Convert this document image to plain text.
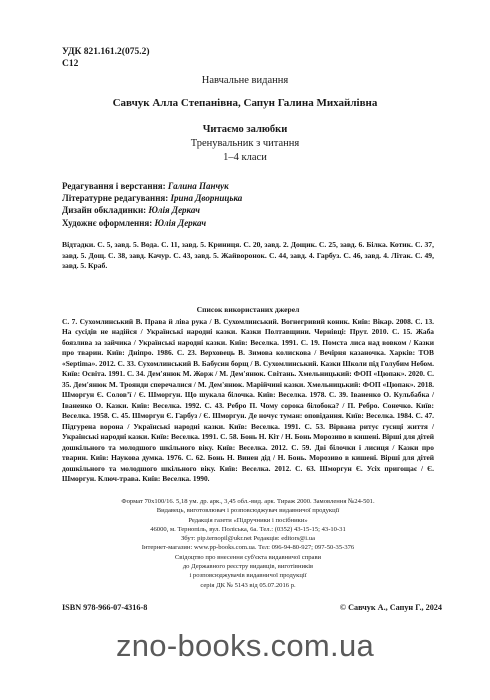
УДК 821.161.2(075.2)
С12
Навчальне видання
Савчук Алла Степанівна, Сапун Галина Михайлівна
Читаємо залюбки
Тренувальник з читання
1–4 класи
Редагування і верстання: Галина Панчук
Літературне редагування: Ірина Дворницька
Дизайн обкладинки: Юлія Деркач
Художнє оформлення: Юлія Деркач
Відтадки. С. 5, завд. 5. Вода. С. 11, завд. 5. Криниця. С. 20, завд. 2. Дощик. С. 25, завд. 6. Білка. Котик. С. 37, завд. 5. Дощ. С. 38, завд. Качур. С. 43, завд. 5. Жайворонок. С. 44, завд. 4. Гарбуз. С. 46, завд. 4. Літак. С. 49, завд. 5. Краб.
Список використаних джерел
С. 7. Сухомлинський В. Права й ліва рука / В. Сухомлинський. Вогнегривий коник. Київ: Вікар. 2008. С. 13. На сусідів не надійся / Українські народні казки. Казки Полтавщини. Чернівці: Прут. 2010. С. 15. Жаба боязлива за зайчика / Українські народні казки. Київ: Веселка. 1991. С. 19. Помста лиса над вовком / Казки про тварин. Київ: Дніпро. 1986. С. 23. Верховець В. Зимова колискова / Вечірня казаночка. Харків: ТОВ «Septima». 2012. С. 33. Сухомлинський В. Бабусин борщ / В. Сухомлинський. Казки Школи під Голубим Небом. Київ: Освіта. 1991. С. 34. Дем'янюк М. Жорж / М. Дем'янюк. Світань. Хмельницький: ФОП «Цюпак». 2020. С. 35. Дем'янюк М. Троянди сперечалися / М. Дем'янюк. Марійчині казки. Хмельницький: ФОП «Цюпак». 2018. Шморгун Є. Соловʼї / Є. Шморгун. Що шукала білочка. Київ: Веселка. 1978. С. 39. Іваненко О. Кульбабка / Іваненко О. Казки. Київ: Веселка. 1992. С. 43. Ребро П. Чому сорока білобока? / П. Ребро. Сонечко. Київ: Веселка. 1958. С. 45. Шморгун Є. Гарбуз / Є. Шморгун. Де ночує туман: оповідання. Київ: Веселка. 1984. С. 47. Підгурена ворона / Українські народні казки. Київ: Веселка. 1991. С. 53. Вірвана ритує гуснці життя / Українські народні казки. Київ: Веселка. 1991. С. 58. Бонь Н. Кіт / Н. Бонь Морозиво в кишені. Вірші для дітей дошкільного та молодшого шкільного віку. Київ: Веселка. 2012. С. 59. Дві білочки і лисиця / Казки про тварин. Київ: Наукова думка. 1976. С. 62. Бонь Н. Винен дід / Н. Бонь. Морозиво в кишені. Вірші для дітей дошкільного та молодшого шкільного віку. Київ: Веселка. 2012. С. 63. Шморгун Є. Усіх пригощає / Є. Шморгун. Ключ-трава. Київ: Веселка. 1990.
Формат 70х100/16. 5,18 ум. др. арк., 3,45 обл.-вид. арк. Тираж 2000. Замовлення №24-501.
Видавець, виготовлювач і розповсюджувач видавничої продукції
Редакція газети «Підручники і посібники»
46000, м. Тернопіль, вул. Поліська, 6а. Тел.: (0352) 43-15-15; 43-10-31
Збут: pip.ternopil@ukr.net Редакція: editors@i.ua
Інтернет-магазин: www.pp-books.com.ua. Тел: 096-94-80-927; 097-50-35-376
Свідоцтво про внесення суб'єкта видавничої справи
до Державного реєстру видавців, виготівників
і розповсюджувачів видавничої продукції
серія ДК № 5143 від 05.07.2016 р.
ISBN 978-966-07-4316-8	© Савчук А., Сапун Г., 2024
zno-books.com.ua
